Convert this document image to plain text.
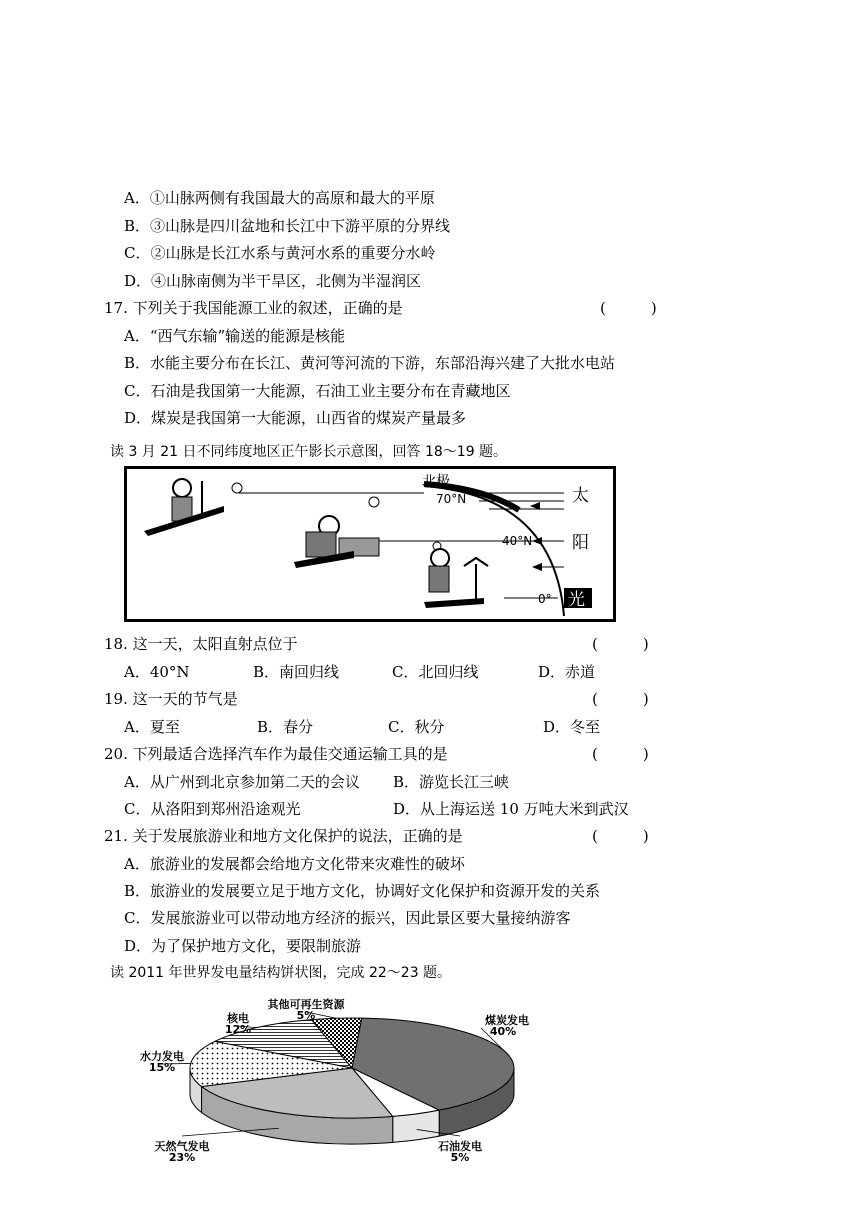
A．①山脉两侧有我国最大的高原和最大的平原
B．③山脉是四川盆地和长江中下游平原的分界线
C．②山脉是长江水系与黄河水系的重要分水岭
D．④山脉南侧为半干旱区，北侧为半湿润区
17. 下列关于我国能源工业的叙述，正确的是	(　　　)
A．“西气东输”输送的能源是核能
B．水能主要分布在长江、黄河等河流的下游，东部沿海兴建了大批水电站
C．石油是我国第一大能源，石油工业主要分布在青藏地区
D．煤炭是我国第一大能源，山西省的煤炭产量最多
读 3 月 21 日不同纬度地区正午影长示意图，回答 18～19 题。
北极
70°N
40°N
0°
太
阳
光
18. 这一天，太阳直射点位于	(　　　)
A．40°N	B．南回归线	C．北回归线	D．赤道
19. 这一天的节气是	(　　　)
A．夏至	B．春分	C．秋分	D．冬至
20. 下列最适合选择汽车作为最佳交通运输工具的是	(　　　)
A．从广州到北京参加第二天的会议 B．游览长江三峡
C．从洛阳到郑州沿途观光	D．从上海运送 10 万吨大米到武汉
21. 关于发展旅游业和地方文化保护的说法，正确的是	(　　　)
A．旅游业的发展都会给地方文化带来灾难性的破坏
B．旅游业的发展要立足于地方文化，协调好文化保护和资源开发的关系
C．发展旅游业可以带动地方经济的振兴，因此景区要大量接纳游客
D．为了保护地方文化，要限制旅游
读 2011 年世界发电量结构饼状图，完成 22～23 题。
煤炭发电
40%
石油发电
5%
天然气发电
23%
水力发电
15%
核电
12%
其他可再生资源
5%
